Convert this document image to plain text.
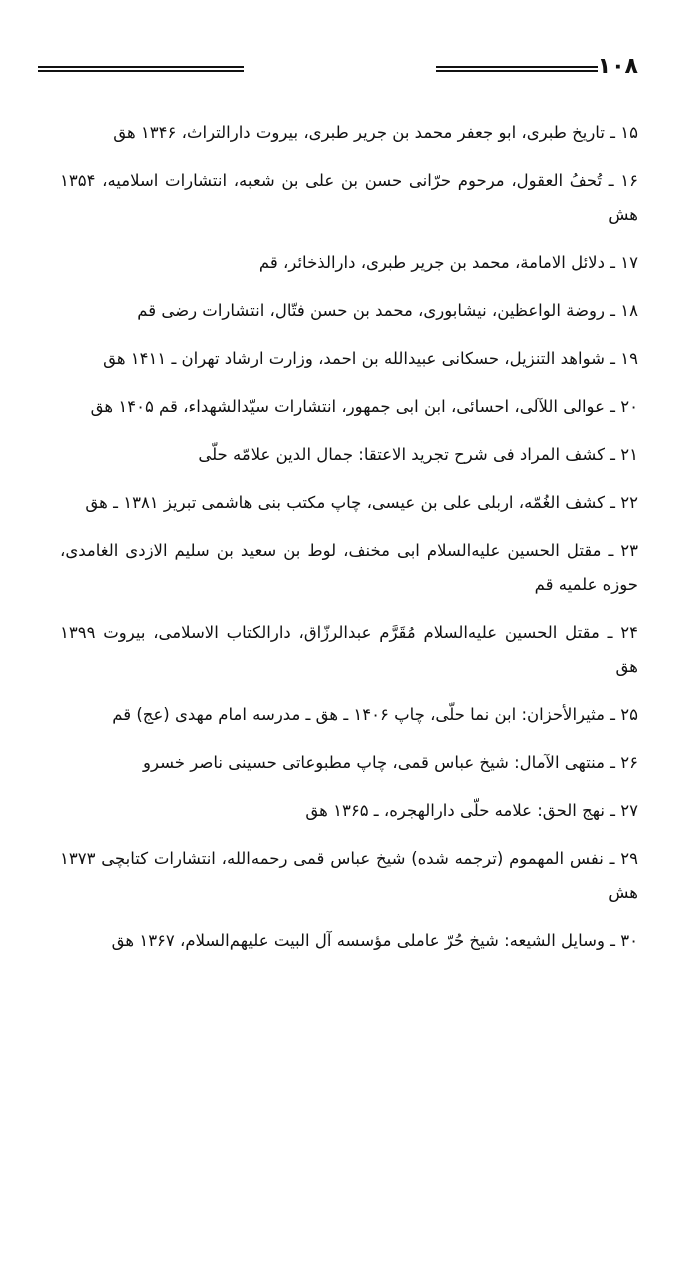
۱۰۸
۱۵ ـ تاریخ طبری، ابو جعفر محمد بن جریر طبری، بیروت دارالتراث، ۱۳۴۶ هق
۱۶ ـ تُحفُ العقول، مرحوم حرّانی حسن بن علی بن شعبه، انتشارات اسلامیه، ۱۳۵۴ هش
۱۷ ـ دلائل الامامة، محمد بن جریر طبری، دارالذخائر، قم
۱۸ ـ روضة الواعظین، نیشابوری، محمد بن حسن فتّال، انتشارات رضی قم
۱۹ ـ شواهد التنزیل، حسکانی عبیدالله بن احمد، وزارت ارشاد تهران ـ ۱۴۱۱ هق
۲۰ ـ عوالی اللآلی، احسائی، ابن ابی جمهور، انتشارات سیّدالشهداء، قم ۱۴۰۵ هق
۲۱ ـ کشف المراد فی شرح تجرید الاعتقا: جمال الدین علامّه حلّی
۲۲ ـ کشف الغُمّه، اربلی علی بن عیسی، چاپ مکتب بنی هاشمی تبریز ۱۳۸۱ ـ هق
۲۳ ـ مقتل الحسین علیه‌السلام ابی مخنف، لوط بن سعید بن سلیم الازدی الغامدی، حوزه علمیه قم
۲۴ ـ مقتل الحسین علیه‌السلام مُقَرَّم عبدالرزّاق، دارالکتاب الاسلامی، بیروت ۱۳۹۹ هق
۲۵ ـ مثیرالأحزان: ابن نما حلّی، چاپ ۱۴۰۶ ـ هق ـ مدرسه امام مهدی (عج) قم
۲۶ ـ منتهی الآمال: شیخ عباس قمی، چاپ مطبوعاتی حسینی ناصر خسرو
۲۷ ـ نهج الحق: علامه حلّی دارالهجره، ـ ۱۳۶۵ هق
۲۹ ـ نفس المهموم (ترجمه شده) شیخ عباس قمی رحمه‌الله، انتشارات کتابچی ۱۳۷۳ هش
۳۰ ـ وسایل الشیعه: شیخ حُرّ عاملی مؤسسه آل البیت علیهم‌السلام، ۱۳۶۷ هق
